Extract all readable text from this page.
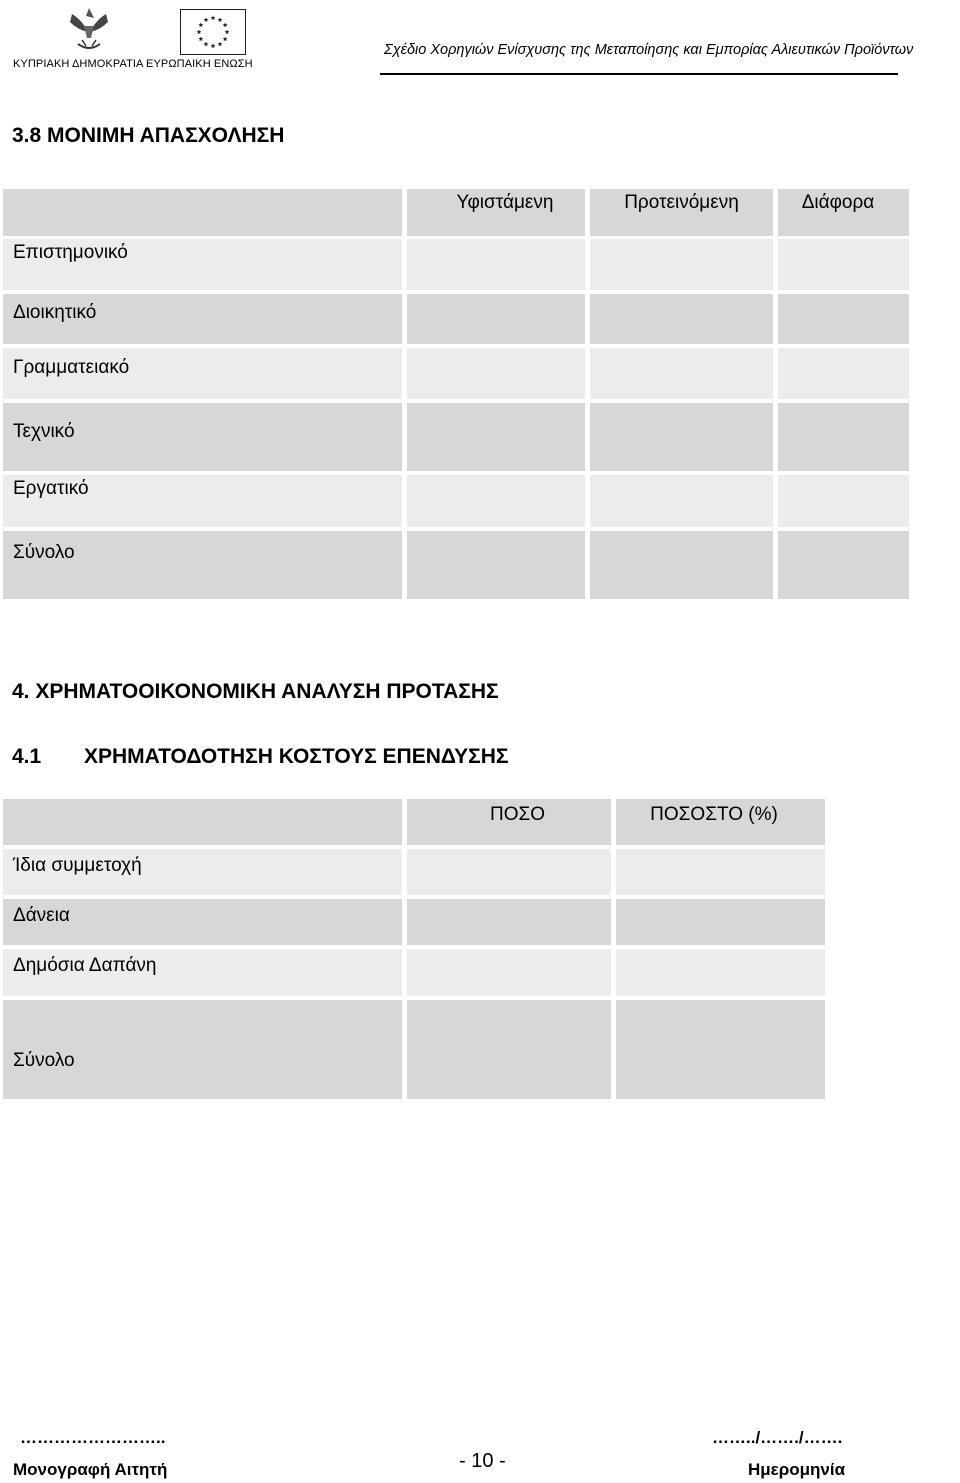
ΚΥΠΡΙΑΚΗ ΔΗΜΟΚΡΑΤΙΑ ΕΥΡΩΠΑΙΚΗ ΕΝΩΣΗ
Σχέδιο Χορηγιών Ενίσχυσης της Μεταποίησης και Εμπορίας Αλιευτικών Προϊόντων
3.8 ΜΟΝΙΜΗ ΑΠΑΣΧΟΛΗΣΗ
Υφιστάμενη	Προτεινόμενη	Διάφορα
Επιστημονικό
Διοικητικό
Γραμματειακό
Τεχνικό
Εργατικό
Σύνολο
4. ΧΡΗΜΑΤΟΟΙΚΟΝΟΜΙΚΗ ΑΝΑΛΥΣΗ ΠΡΟΤΑΣΗΣ
4.1 ΧΡΗΜΑΤΟΔΟΤΗΣΗ ΚΟΣΤΟΥΣ ΕΠΕΝΔΥΣΗΣ
ΠΟΣΟ	ΠΟΣΟΣΤΟ (%)
Ίδια συμμετοχή
Δάνεια
Δημόσια Δαπάνη
Σύνολο
……………………..
Μονογραφή Αιτητή	- 10 -
……../……./…….
Ημερομηνία
